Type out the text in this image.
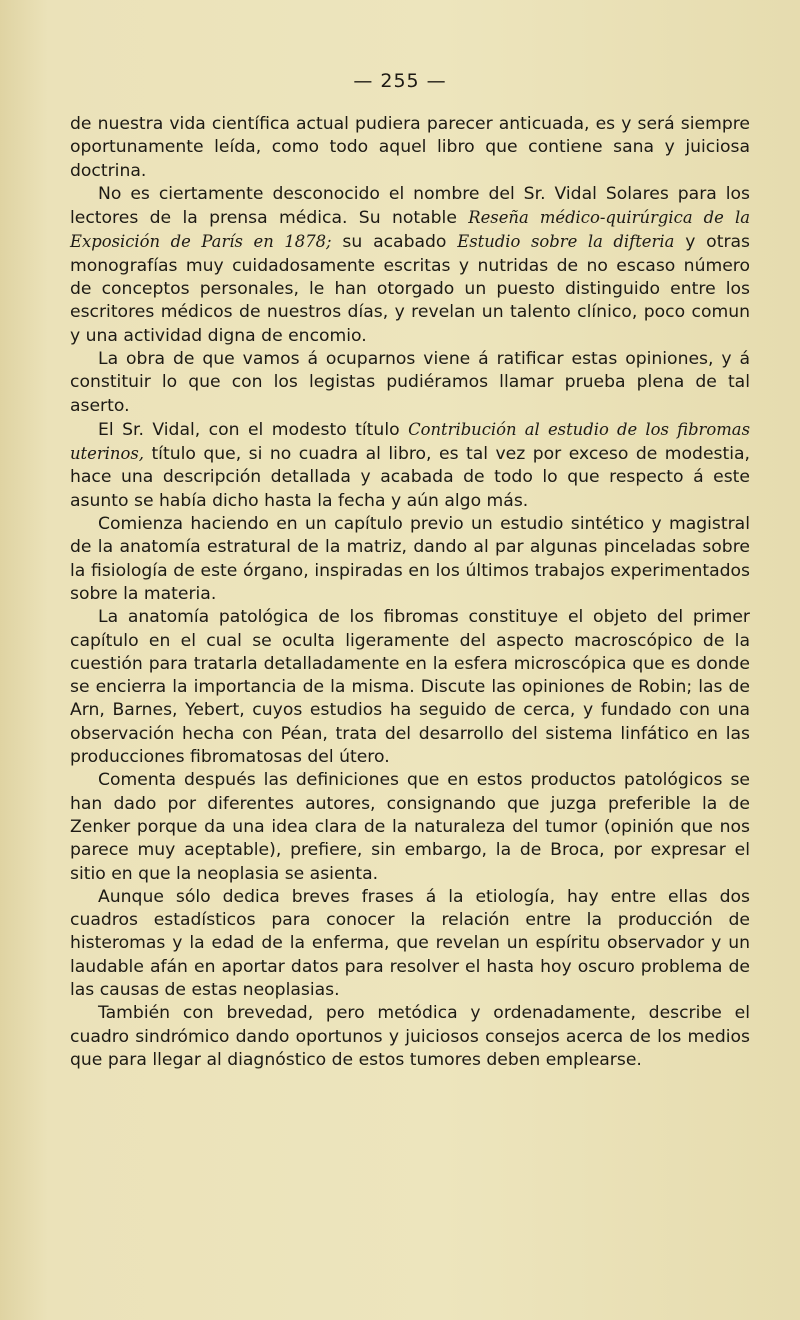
— 255 —

de nuestra vida científica actual pudiera parecer anticuada, es y será siempre oportunamente leída, como todo aquel libro que contiene sana y juiciosa doctrina.

No es ciertamente desconocido el nombre del Sr. Vidal Solares para los lectores de la prensa médica. Su notable Reseña médico-quirúrgica de la Exposición de París en 1878; su acabado Estudio sobre la difteria y otras monografías muy cuidadosamente escritas y nutridas de no escaso número de conceptos personales, le han otorgado un puesto distinguido entre los escritores médicos de nuestros días, y revelan un talento clínico, poco comun y una actividad digna de encomio.

La obra de que vamos á ocuparnos viene á ratificar estas opiniones, y á constituir lo que con los legistas pudiéramos llamar prueba plena de tal aserto.

El Sr. Vidal, con el modesto título Contribución al estudio de los fibromas uterinos, título que, si no cuadra al libro, es tal vez por exceso de modestia, hace una descripción detallada y acabada de todo lo que respecto á este asunto se había dicho hasta la fecha y aún algo más.

Comienza haciendo en un capítulo previo un estudio sintético y magistral de la anatomía estratural de la matriz, dando al par algunas pinceladas sobre la fisiología de este órgano, inspiradas en los últimos trabajos experimentados sobre la materia.

La anatomía patológica de los fibromas constituye el objeto del primer capítulo en el cual se oculta ligeramente del aspecto macroscópico de la cuestión para tratarla detalladamente en la esfera microscópica que es donde se encierra la importancia de la misma. Discute las opiniones de Robin; las de Arn, Barnes, Yebert, cuyos estudios ha seguido de cerca, y fundado con una observación hecha con Péan, trata del desarrollo del sistema linfático en las producciones fibromatosas del útero.

Comenta después las definiciones que en estos productos patológicos se han dado por diferentes autores, consignando que juzga preferible la de Zenker porque da una idea clara de la naturaleza del tumor (opinión que nos parece muy aceptable), prefiere, sin embargo, la de Broca, por expresar el sitio en que la neoplasia se asienta.

Aunque sólo dedica breves frases á la etiología, hay entre ellas dos cuadros estadísticos para conocer la relación entre la producción de histeromas y la edad de la enferma, que revelan un espíritu observador y un laudable afán en aportar datos para resolver el hasta hoy oscuro problema de las causas de estas neoplasias.

También con brevedad, pero metódica y ordenadamente, describe el cuadro sindrómico dando oportunos y juiciosos consejos acerca de los medios que para llegar al diagnóstico de estos tumores deben emplearse.
